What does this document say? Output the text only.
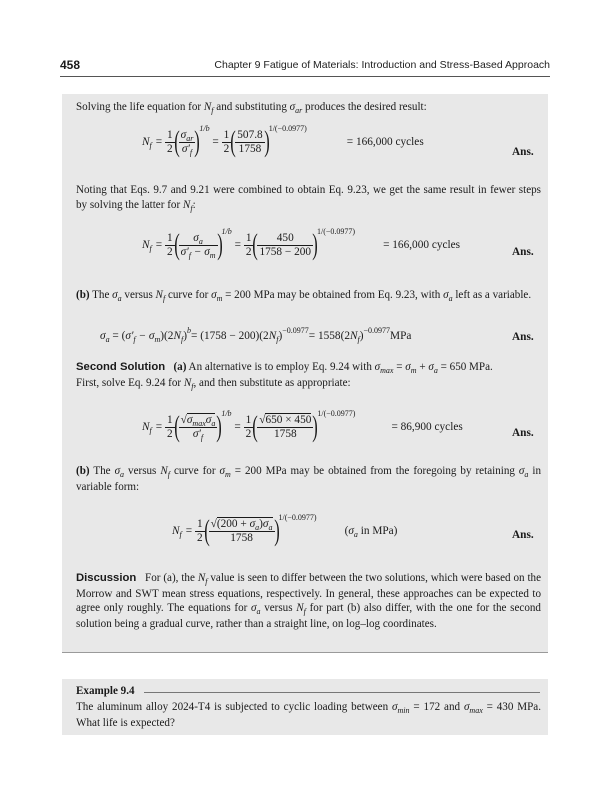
458	Chapter 9 Fatigue of Materials: Introduction and Stress-Based Approach
Solving the life equation for $N_f$ and substituting $\sigma_{ar}$ produces the desired result:
$N_f = \frac{1}{2}$ ( $\frac{\sigma_{ar}}{\sigma'_f}$ ) 1/b
= $\frac{1}{2}$ ( $\frac{507.8}{1758}$ ) 1/(−0.0977)
= 166,000 cycles
Ans.
Noting that Eqs. 9.7 and 9.21 were combined to obtain Eq. 9.23, we get the same result in fewer steps by solving the latter for $N_f$:
$N_f = \frac{1}{2}$ ( $\frac{\sigma_a}{\sigma'_f - \sigma_m}$ ) 1/b
= $\frac{1}{2}$ ( $\frac{450}{1758 - 200}$ ) 1/(−0.0977)
= 166,000 cycles
Ans.
(b) The $\sigma_a$ versus $N_f$ curve for $\sigma_m = 200$ MPa may be obtained from Eq. 9.23, with $\sigma_a$ left as a variable.
$\sigma_a$ = ( $\sigma'_f - \sigma_m$ )(2 $N_f$ ) b = (1758 − 200)(2 $N_f$ ) −0.0977 = 1558(2 $N_f$ ) −0.0977 MPa	Ans.
Second Solution (a) An alternative is to employ Eq. 9.24 with $\sigma_{max} = \sigma_m + \sigma_a = 650$ MPa.
First, solve Eq. 9.24 for $N_f$, and then substitute as appropriate:
$N_f = \frac{1}{2}$ ( $\frac{√\sigma_{max}\sigma_a}{\sigma'_f}$ ) 1/b
= $\frac{1}{2}$ ( $\frac{√650 \times 450}{1758}$ ) 1/(−0.0977)
= 86,900 cycles	Ans.
(b) The $\sigma_a$ versus $N_f$ curve for $\sigma_m = 200$ MPa may be obtained from the foregoing by retaining $\sigma_a$ in variable form:
$N_f = \frac{1}{2}$ ( $\frac{√(200 + \sigma_a)\sigma_a}{1758}$ ) 1/(−0.0977)
($\sigma_a$ in MPa)	Ans.
Discussion For (a), the $N_f$ value is seen to differ between the two solutions, which were based on the Morrow and SWT mean stress equations, respectively. In general, these approaches can be expected to agree only roughly. The equations for $\sigma_a$ versus $N_f$ for part (b) also differ, with the one for the second solution being a gradual curve, rather than a straight line, on log–log coordinates.
Example 9.4
The aluminum alloy 2024-T4 is subjected to cyclic loading between $\sigma_{min} = 172$ and $\sigma_{max} = 430$ MPa. What life is expected?
